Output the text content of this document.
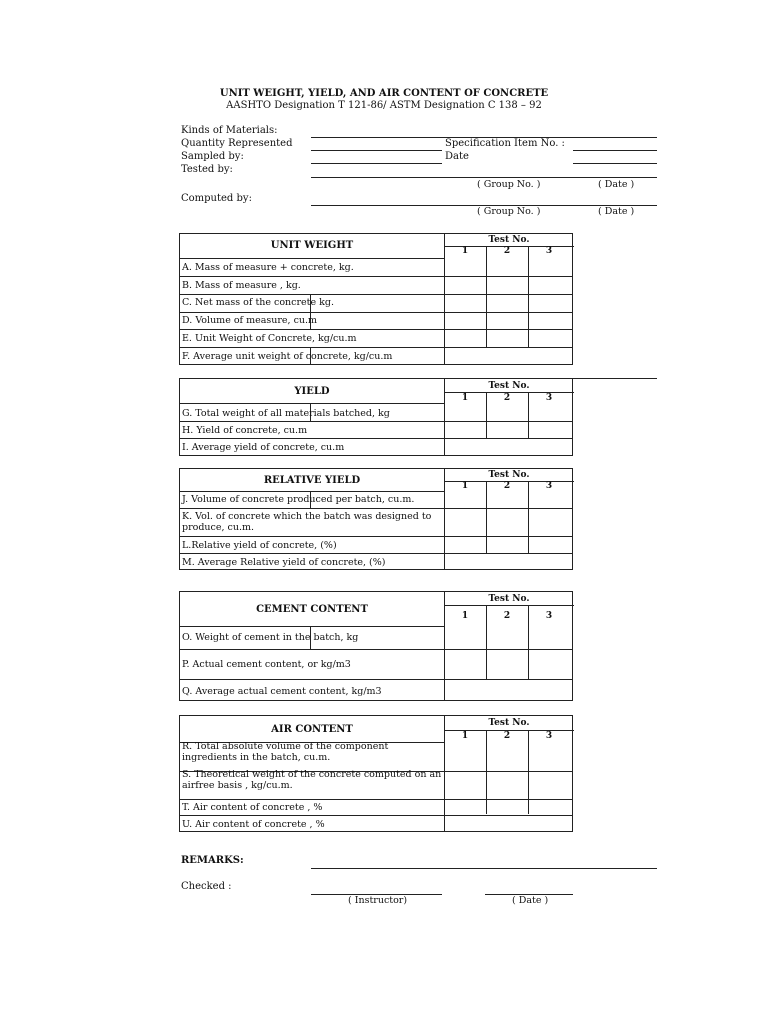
UNIT WEIGHT, YIELD, AND AIR CONTENT OF CONCRETE
AASHTO Designation T 121-86/ ASTM Designation C 138 – 92
Kinds of Materials:
Quantity Represented	Specification Item No. :
Sampled by:	Date
Tested by:
( Group No. )	( Date )
Computed by:
( Group No. )	( Date )
UNIT WEIGHT	Test No.
1	2	3
A. Mass of measure + concrete, kg.
B. Mass of measure , kg.
C. Net mass of the concrete kg.
D. Volume of measure, cu.m
E. Unit Weight of Concrete, kg/cu.m
F. Average unit weight of concrete, kg/cu.m
YIELD	Test No.
1	2	3
G. Total weight of all materials batched, kg
H. Yield of concrete, cu.m
I. Average yield of concrete, cu.m
RELATIVE YIELD	Test No.
1	2	3
J. Volume of concrete produced per batch, cu.m.
K. Vol. of concrete which the batch was designed to produce, cu.m.
L.Relative yield of concrete, (%)
M. Average Relative yield of concrete, (%)
CEMENT CONTENT
Test No.
1	2	3
O. Weight of cement in the batch, kg
P. Actual cement content, or kg/m3
Q. Average actual cement content, kg/m3
AIR CONTENT
Test No.
1	2	3
R. Total absolute volume of the component ingredients in the batch, cu.m.
S. Theoretical weight of the concrete computed on an airfree basis , kg/cu.m.
T. Air content of concrete , %
U. Air content of concrete , %
REMARKS:
Checked :
( Instructor)	( Date )
